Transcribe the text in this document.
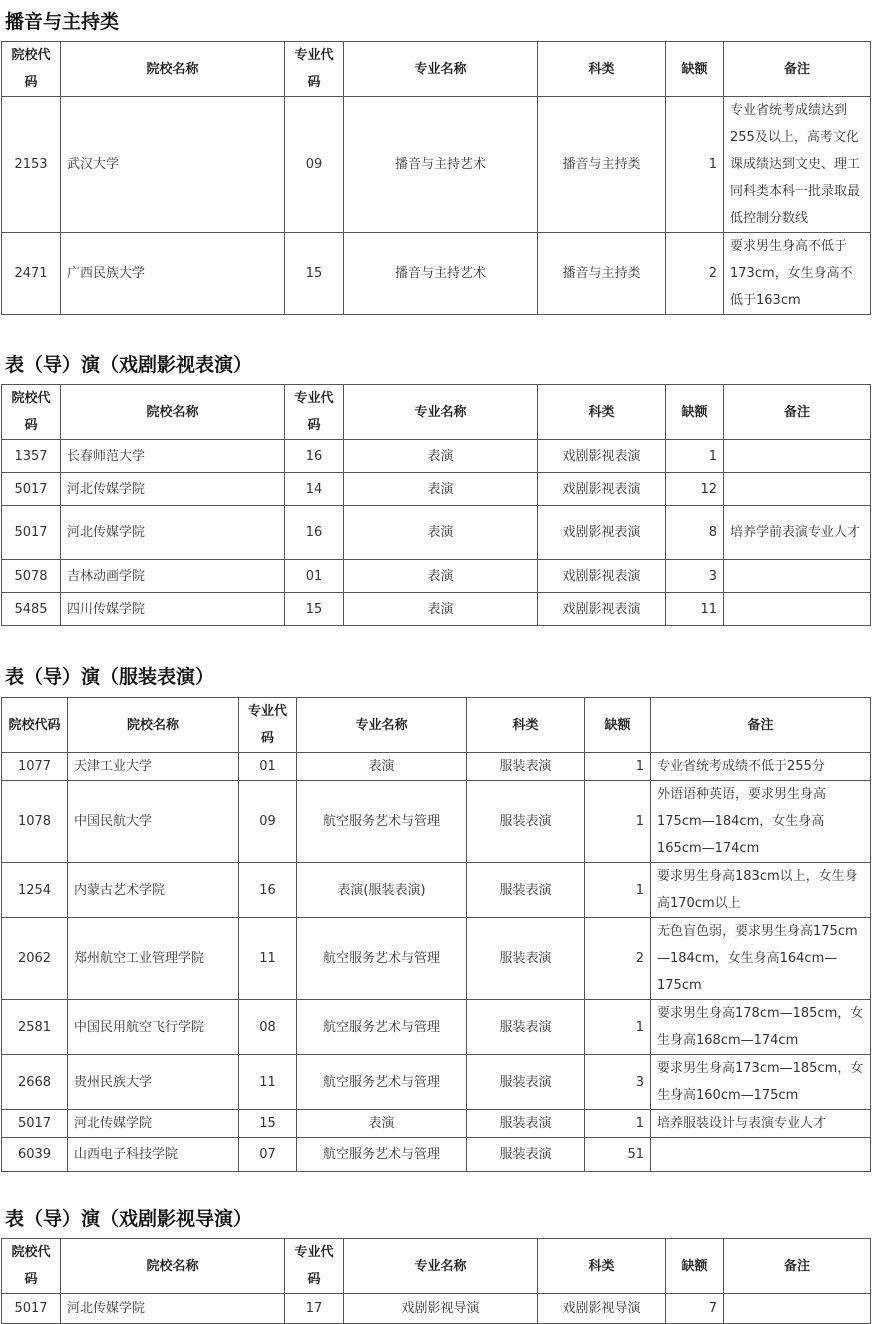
播音与主持类
院校代码	院校名称	专业代码	专业名称	科类	缺额	备注
2153	武汉大学	09	播音与主持艺术	播音与主持类	1	专业省统考成绩达到255及以上，高考文化课成绩达到文史、理工同科类本科一批录取最低控制分数线
2471	广西民族大学	15	播音与主持艺术	播音与主持类	2	要求男生身高不低于173cm，女生身高不低于163cm
表（导）演（戏剧影视表演）
院校代码	院校名称	专业代码	专业名称	科类	缺额	备注
1357	长春师范大学	16	表演	戏剧影视表演	1	
5017	河北传媒学院	14	表演	戏剧影视表演	12	
5017	河北传媒学院	16	表演	戏剧影视表演	8	培养学前表演专业人才
5078	吉林动画学院	01	表演	戏剧影视表演	3	
5485	四川传媒学院	15	表演	戏剧影视表演	11	
表（导）演（服装表演）
院校代码	院校名称	专业代码	专业名称	科类	缺额	备注
1077	天津工业大学	01	表演	服装表演	1	专业省统考成绩不低于255分
1078	中国民航大学	09	航空服务艺术与管理	服装表演	1	外语语种英语，要求男生身高175cm—184cm，女生身高165cm—174cm
1254	内蒙古艺术学院	16	表演(服装表演)	服装表演	1	要求男生身高183cm以上，女生身高170cm以上
2062	郑州航空工业管理学院	11	航空服务艺术与管理	服装表演	2	无色盲色弱，要求男生身高175cm—184cm，女生身高164cm—175cm
2581	中国民用航空飞行学院	08	航空服务艺术与管理	服装表演	1	要求男生身高178cm—185cm，女生身高168cm—174cm
2668	贵州民族大学	11	航空服务艺术与管理	服装表演	3	要求男生身高173cm—185cm，女生身高160cm—175cm
5017	河北传媒学院	15	表演	服装表演	1	培养服装设计与表演专业人才
6039	山西电子科技学院	07	航空服务艺术与管理	服装表演	51	
表（导）演（戏剧影视导演）
院校代码	院校名称	专业代码	专业名称	科类	缺额	备注
5017	河北传媒学院	17	戏剧影视导演	戏剧影视导演	7	
